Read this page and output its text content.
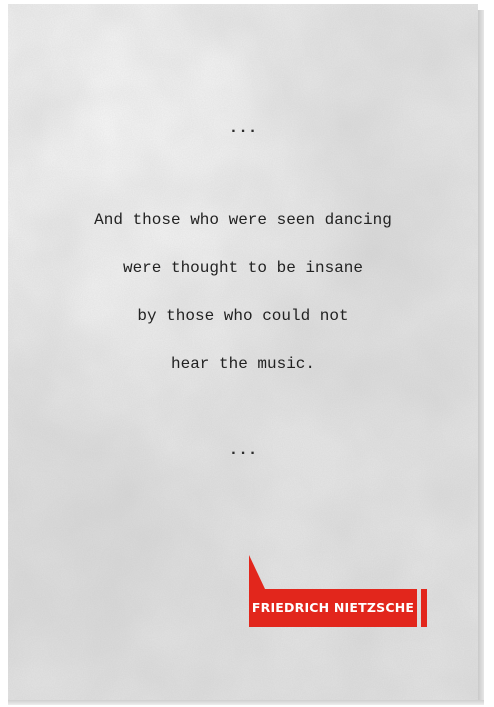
...
And those who were seen dancing
were thought to be insane
by those who could not
hear the music.
...
FRIEDRICH NIETZSCHE
